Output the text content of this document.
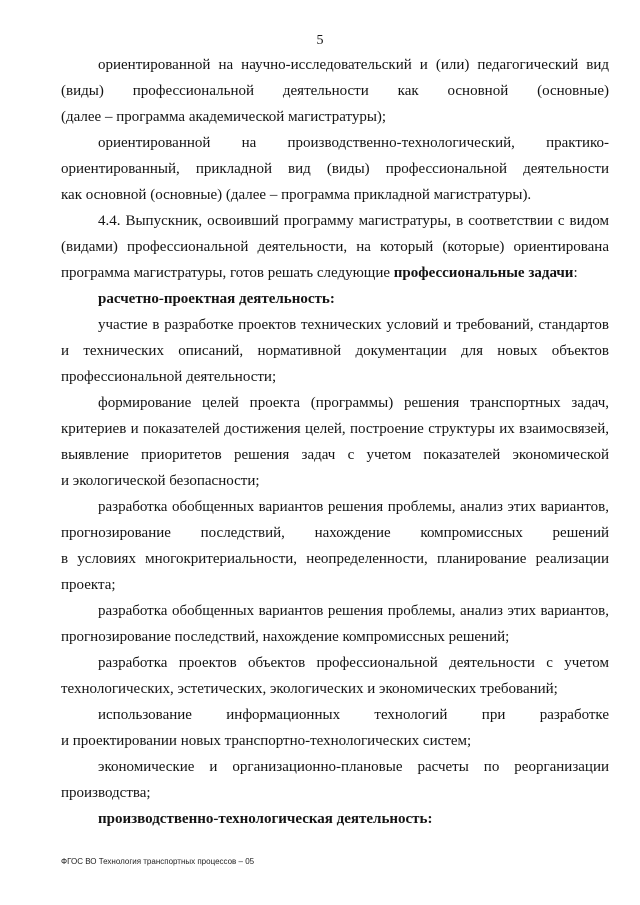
5

ориентированной на научно-исследовательский и (или) педагогический вид
(виды) профессиональной деятельности как основной (основные)
(далее – программа академической магистратуры);

ориентированной на производственно-технологический, практико-
ориентированный, прикладной вид (виды) профессиональной деятельности
как основной (основные) (далее – программа прикладной магистратуры).

4.4. Выпускник, освоивший программу магистратуры, в соответствии с видом
(видами) профессиональной деятельности, на который (которые) ориентирована
программа магистратуры, готов решать следующие профессиональные задачи:

расчетно-проектная деятельность:

участие в разработке проектов технических условий и требований, стандартов
и технических описаний, нормативной документации для новых объектов
профессиональной деятельности;

формирование целей проекта (программы) решения транспортных задач,
критериев и показателей достижения целей, построение структуры их взаимосвязей,
выявление приоритетов решения задач с учетом показателей экономической
и экологической безопасности;

разработка обобщенных вариантов решения проблемы, анализ этих вариантов,
прогнозирование последствий, нахождение компромиссных решений
в условиях многокритериальности, неопределенности, планирование реализации
проекта;

разработка обобщенных вариантов решения проблемы, анализ этих вариантов,
прогнозирование последствий, нахождение компромиссных решений;

разработка проектов объектов профессиональной деятельности с учетом
технологических, эстетических, экологических и экономических требований;

использование информационных технологий при разработке
и проектировании новых транспортно-технологических систем;

экономические и организационно-плановые расчеты по реорганизации
производства;

производственно-технологическая деятельность:

ФГОС ВО Технология транспортных процессов – 05
